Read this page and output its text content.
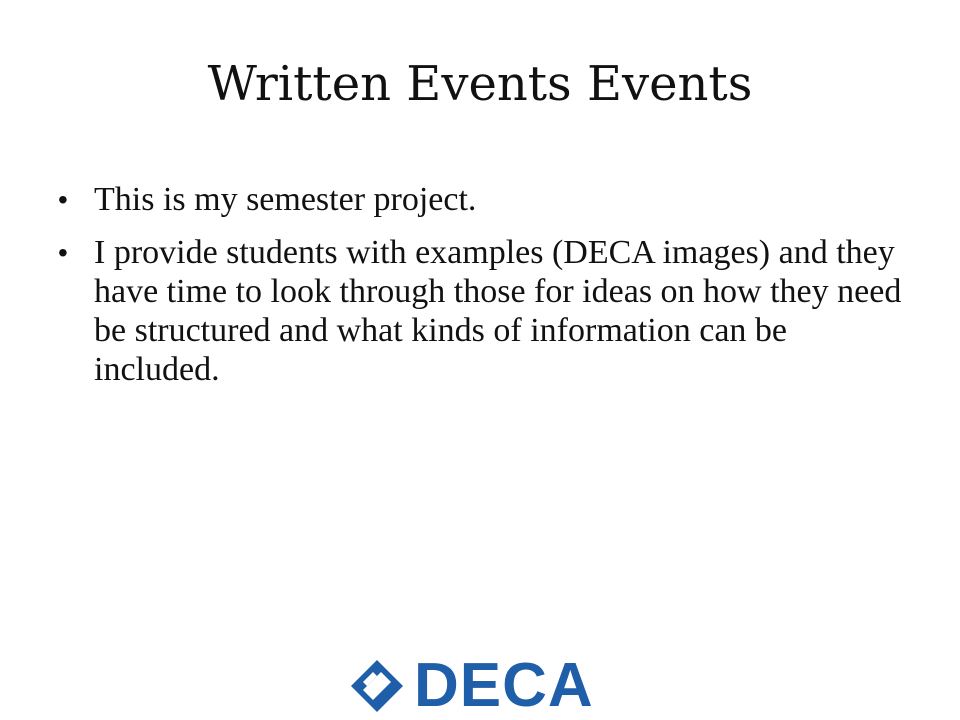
Written Events Events
• This is my semester project.
• I provide students with examples (DECA images) and they have time to look through those for ideas on how they need be structured and what kinds of information can be included.
DECA
